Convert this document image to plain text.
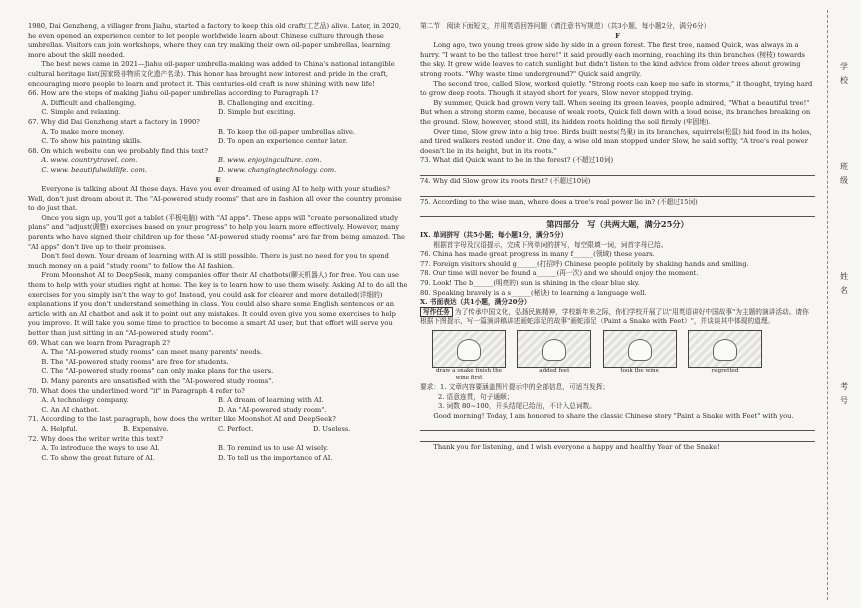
1980, Dai Genzheng, a villager from Jiahu, started a factory to keep this old craft(工艺品) alive. Later, in 2020, he even opened an experience center to let people worldwide learn about Chinese culture through these umbrellas. Visitors can join workshops, where they can try making their own oil-paper umbrellas, learning more about the skill needed.

The best news came in 2021—Jiahu oil-paper umbrella-making was added to China's national intangible cultural heritage list(国家级非物质文化遗产名录). This honor has brought new interest and pride in the craft, encouraging more people to learn and protect it. This centuries-old craft is now shining with new life!

66. How are the steps of making Jiahu oil-paper umbrellas according to Paragraph 1?

A. Difficult and challenging.	B. Challenging and exciting.
C. Simple and relaxing.	D. Simple but exciting.

67. Why did Dai Genzheng start a factory in 1990?

A. To make more money.	B. To keep the oil-paper umbrellas alive.
C. To show his painting skills.	D. To open an experience center later.

68. On which website can we probably find this text?

A. www. countrytravel. com.	B. www. enjoyingculture. com.
C. www. beautifulwildlife. com.	D. www. changingtechnology. com.

E

Everyone is talking about AI these days. Have you ever dreamed of using AI to help with your studies? Well, don't just dream about it. The "AI-powered study rooms" that are in fashion all over the country promise to do just that.

Once you sign up, you'll get a tablet (平板电脑) with "AI apps". These apps will "create personalized study plans" and "adjust(调整) exercises based on your progress" to help you learn more effectively. However, many parents who have signed their children up for these "AI-powered study rooms" are far from being amazed. The "AI apps" don't live up to their promises.

Don't feel down. Your dream of learning with AI is still possible. There is just no need for you to spend much money on a paid "study room" to follow the AI fashion.

From Moonshot AI to DeepSeek, many companies offer their AI chatbots(聊天机器人) for free. You can use them to help with your studies right at home. The key is to learn how to use them wisely. Asking AI to do all the exercises for you simply isn't the way to go! Instead, you could ask for clearer and more detailed(详细的) explanations if you don't understand something in class. You could also share some English sentences or an article with an AI chatbot and ask it to point out any mistakes. It could even give you some exercises to help you improve. It will take you some time to practice to become a smart AI user, but that effort will serve you better than just sitting in an "AI-powered study room".

69. What can we learn from Paragraph 2?

A. The "AI-powered study rooms" can meet many parents' needs.

B. The "AI-powered study rooms" are free for students.

C. The "AI-powered study rooms" can only make plans for the users.

D. Many parents are unsatisfied with the "AI-powered study rooms".

70. What does the underlined word "it" in Paragraph 4 refer to?

A. A technology company.	B. A dream of learning with AI.
C. An AI chatbot.	D. An "AI-powered study room".

71. According to the last paragraph, how does the writer like Moonshot AI and DeepSeek?

A. Helpful.	B. Expensive.	C. Perfect.	D. Useless.

72. Why does the writer write this text?

A. To introduce the ways to use AI.	B. To remind us to use AI wisely.
C. To show the great future of AI.	D. To tell us the importance of AI.

第二节　阅读下面短文，并用英语回答问题（请注意书写规范）（共3小题，每小题2分，满分6分）

F

Long ago, two young trees grew side by side in a green forest. The first tree, named Quick, was always in a hurry. "I want to be the tallest tree here!" it said proudly each morning, reaching its thin branches (树枝) towards the sky. It grew wide leaves to catch sunlight but didn't listen to the kind advice from older trees about growing strong roots. "Why waste time underground?" Quick said angrily.

The second tree, called Slow, worked quietly. "Strong roots can keep me safe in storms," it thought, trying hard to grow deep roots. Though it stayed short for years, Slow never stopped trying.

By summer, Quick had grown very tall. When seeing its green leaves, people admired, "What a beautiful tree!" But when a strong storm came, because of weak roots, Quick fell down with a loud noise, its branches breaking on the ground. Slow, however, stood still, its hidden roots holding the soil firmly (牢固地).

Over time, Slow grew into a big tree. Birds built nests(鸟巢) in its branches, squirrels(松鼠) hid food in its holes, and tired walkers rested under it. One day, a wise old man stopped under Slow, he said softly, "A tree's real power doesn't lie in its height, but in its roots."

73. What did Quick want to be in the forest? (不超过10词)

74. Why did Slow grow its roots first? (不超过10词)

75. According to the wise man, where does a tree's real power lie in? (不超过15词)

第四部分　写（共两大题，满分25分）

IX. 单词拼写（共5小题；每小题1分，满分5分）

根据首字母及汉语提示，完成下列单词的拼写，每空限填一词，词首字母已给。

76. China has made great progress in many f______(领域) these years.

77. Foreign visitors should g______(打招呼) Chinese people politely by shaking hands and smiling.

78. Our time will never be found a______(再一次) and we should enjoy the moment.

79. Look! The b______(明亮的) sun is shining in the clear blue sky.

80. Speaking bravely is a s______(秘诀) to learning a language well.

X. 书面表达（共1小题，满分20分）

写作任务 为了传承中国文化，弘扬民族精神，学校新年来之际，你们学校开展了以"用英语讲好中国故事"为主题的演讲活动。请你根据下图提示，写一篇演讲稿讲述画蛇添足的故事"画蛇添足（Paint a Snake with Feet）"，并谈谈其中体现的道理。

draw a snake finish the wine first
added feet	took the wine	regretted

要求：1. 文章内容要涵盖图片提示中的全部信息，可适当发挥；

2. 语意连贯，句子通顺；

3. 词数 80~100，开头结尾已给出，不计入总词数。

Good morning! Today, I am honored to share the classic Chinese story "Paint a Snake with Feet" with you.

Thank you for listening, and I wish everyone a happy and healthy Year of the Snake!

学
校
班
级
姓
名
考
号
